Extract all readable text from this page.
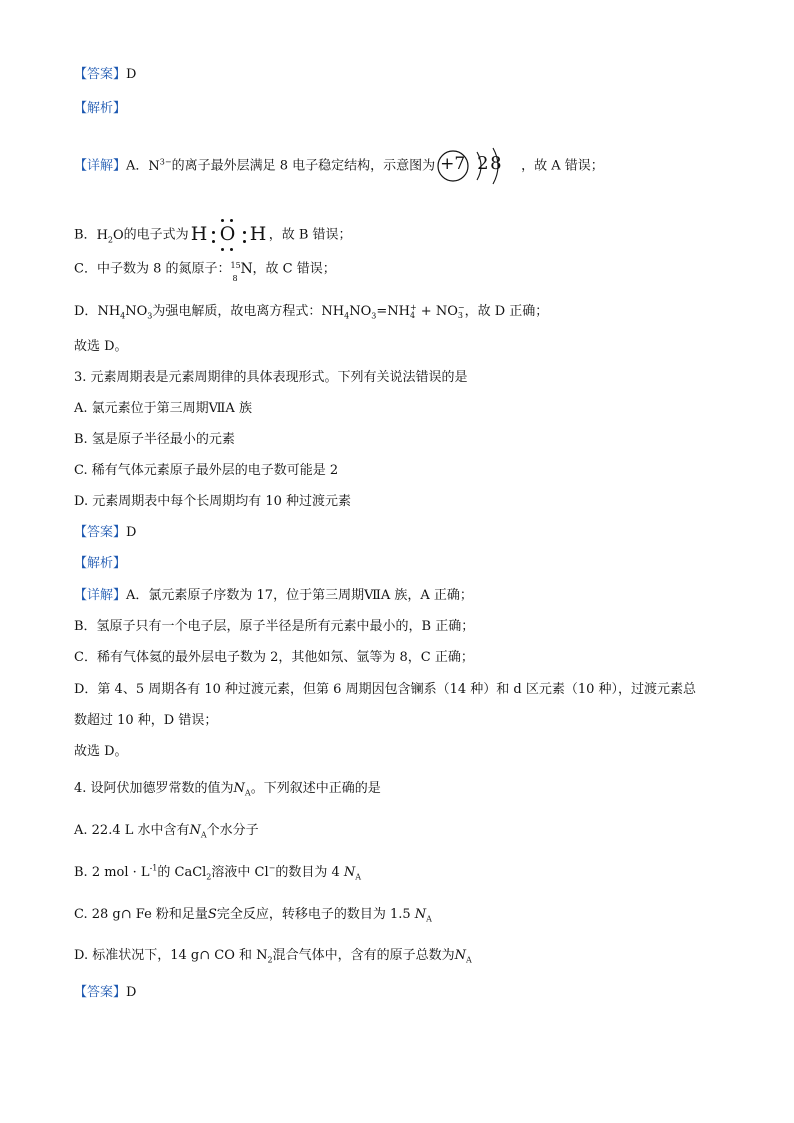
【答案】D
【解析】
【详解】A．$N^{3-}$的离子最外层满足 8 电子稳定结构，示意图为 +7 2 8 ，故 A 错误；
B．$H_2O$的电子式为 H O H ，故 B 错误；
C．中子数为 8 的氮原子： 15
8
N ，故 C 错误；
D．$NH_4NO_3$为强电解质，故电离方程式：$NH_4NO_3=NH$ +
4 + NO −
3 ，故 D 正确；
故选 D。
3. 元素周期表是元素周期律的具体表现形式。下列有关说法错误的是
A. 氯元素位于第三周期ⅦA 族
B. 氢是原子半径最小的元素
C. 稀有气体元素原子最外层的电子数可能是 2
D. 元素周期表中每个长周期均有 10 种过渡元素
【答案】D
【解析】
【详解】A．氯元素原子序数为 17，位于第三周期ⅦA 族，A 正确；
B．氢原子只有一个电子层，原子半径是所有元素中最小的，B 正确；
C．稀有气体氦的最外层电子数为 2，其他如氖、氩等为 8，C 正确；
D．第 4、5 周期各有 10 种过渡元素，但第 6 周期因包含镧系（14 种）和 d 区元素（10 种），过渡元素总
数超过 10 种，D 错误；
故选 D。
4. 设阿伏加德罗常数的值为$N_A$。下列叙述中正确的是
A. 22.4 L 水中含有$N_A$个水分子
B. 2 mol · $L^{-1}$的 CaCl$_2$溶液中 Cl−的数目为 4 $N_A$
C. 28 g∩ Fe 粉和足量S完全反应，转移电子的数目为 1.5 $N_A$
D. 标准状况下，14 g∩ CO 和 $N_2$混合气体中，含有的原子总数为$N_A$
【答案】D
